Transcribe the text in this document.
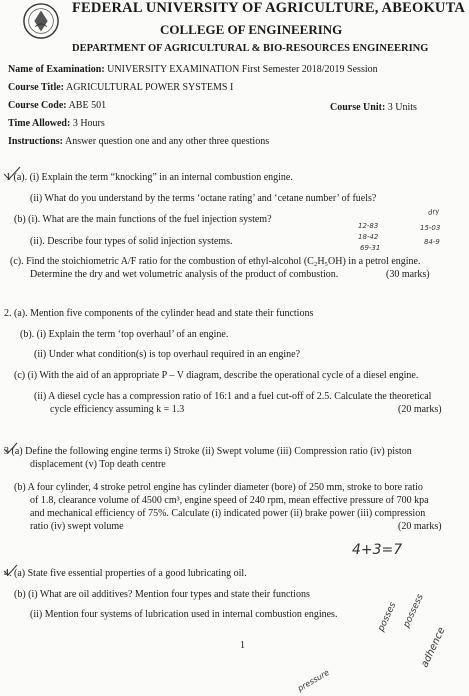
FEDERAL UNIVERSITY OF AGRICULTURE, ABEOKUTA
COLLEGE OF ENGINEERING
DEPARTMENT OF AGRICULTURAL & BIO-RESOURCES ENGINEERING
Name of Examination: UNIVERSITY EXAMINATION First Semester 2018/2019 Session
Course Title: AGRICULTURAL POWER SYSTEMS I
Course Code: ABE 501	Course Unit: 3 Units
Time Allowed: 3 Hours
Instructions: Answer question one and any other three questions
1 (a). (i) Explain the term “knocking” in an internal combustion engine.
(ii) What do you understand by the terms ‘octane rating’ and ‘cetane number’ of fuels?
(b) (i). What are the main functions of the fuel injection system?
(ii). Describe four types of solid injection systems.
(c). Find the stoichiometric A/F ratio for the combustion of ethyl-alcohol (C₂H₅OH) in a petrol engine.
Determine the dry and wet volumetric analysis of the product of combustion.	(30 marks)
2. (a). Mention five components of the cylinder head and state their functions
(b). (i) Explain the term ‘top overhaul’ of an engine.
(ii) Under what condition(s) is top overhaul required in an engine?
(c) (i) With the aid of an appropriate P – V diagram, describe the operational cycle of a diesel engine.
(ii) A diesel cycle has a compression ratio of 16:1 and a fuel cut-off of 2.5. Calculate the theoretical
cycle efficiency assuming k = 1.3	(20 marks)
3 (a) Define the following engine terms i) Stroke (ii) Swept volume (iii) Compression ratio (iv) piston
displacement (v) Top death centre
(b) A four cylinder, 4 stroke petrol engine has cylinder diameter (bore) of 250 mm, stroke to bore ratio
of 1.8, clearance volume of 4500 cm³, engine speed of 240 rpm, mean effective pressure of 700 kpa
and mechanical efficiency of 75%. Calculate (i) indicated power (ii) brake power (iii) compression
ratio (iv) swept volume	(20 marks)
4. (a) State five essential properties of a good lubricating oil.
(b) (i) What are oil additives? Mention four types and state their functions
(ii) Mention four systems of lubrication used in internal combustion engines.
1
12-83
18-42
69-31
dry
15-03
84-9
4+3=7
posses possess
adhence
pressure
